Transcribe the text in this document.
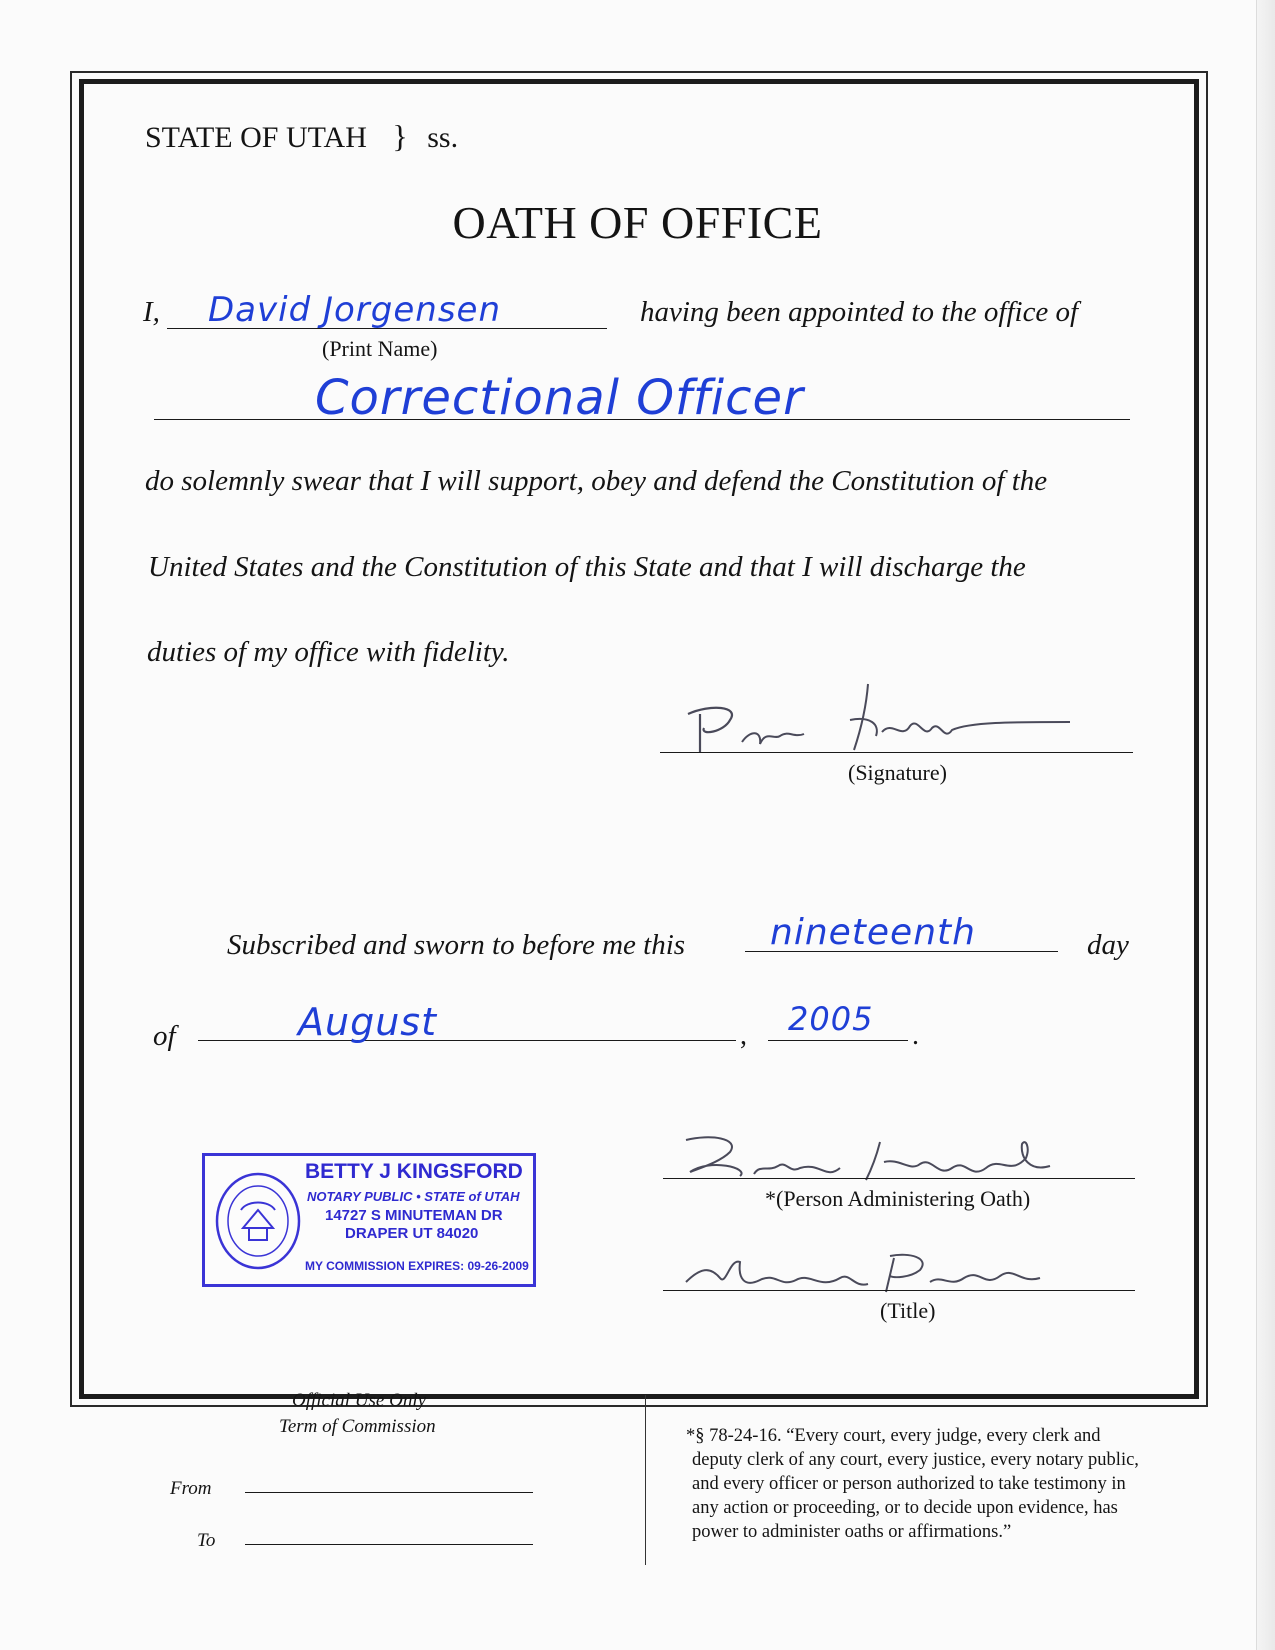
STATE OF UTAH } ss.
OATH OF OFFICE
I, David Jorgensen
(Print Name)
having been appointed to the office of
Correctional Officer
do solemnly swear that I will support, obey and defend the Constitution of the
United States and the Constitution of this State and that I will discharge the
duties of my office with fidelity.
(Signature)
Subscribed and sworn to before me this nineteenth	day
of	August	, 2005 .
BETTY J KINGSFORD
NOTARY PUBLIC • STATE of UTAH
14727 S MINUTEMAN DR
DRAPER UT 84020
MY COMMISSION EXPIRES: 09-26-2009
*(Person Administering Oath)
(Title)
Official Use Only
Term of Commission
From
To
*§ 78-24-16. “Every court, every judge, every clerk and
deputy clerk of any court, every justice, every notary public,
and every officer or person authorized to take testimony in
any action or proceeding, or to decide upon evidence, has
power to administer oaths or affirmations.”
